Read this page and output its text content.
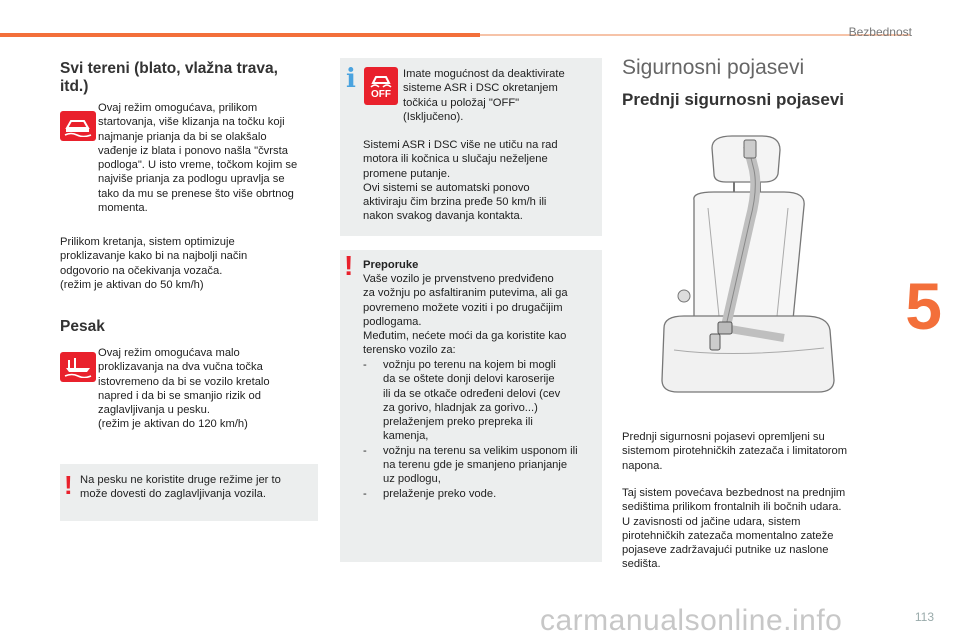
Bezbednost
5
Svi tereni (blato, vlažna trava,
itd.)

Ovaj režim omogućava, prilikom
startovanja, više klizanja na točku koji
najmanje prianja da bi se olakšalo
vađenje iz blata i ponovo našla "čvrsta
podloga". U isto vreme, točkom kojim se
najviše prianja za podlogu upravlja se
tako da mu se prenese što više obrtnog
momenta.

Prilikom kretanja, sistem optimizuje
proklizavanje kako bi na najbolji način
odgovorio na očekivanja vozača.
(režim je aktivan do 50 km/h)

Pesak

Ovaj režim omogućava malo
proklizavanja na dva vučna točka
istovremeno da bi se vozilo kretalo
napred i da bi se smanjio rizik od
zaglavljivanja u pesku.
(režim je aktivan do 120 km/h)

! Na pesku ne koristite druge režime jer to
može dovesti do zaglavljivanja vozila.

i OFF

Imate mogućnost da deaktivirate
sisteme ASR i DSC okretanjem
točkića u položaj "OFF"
(Isključeno).

Sistemi ASR i DSC više ne utiču na rad
motora ili kočnica u slučaju neželjene
promene putanje.
Ovi sistemi se automatski ponovo
aktiviraju čim brzina pređe 50 km/h ili
nakon svakog davanja kontakta.

! Preporuke

Vaše vozilo je prvenstveno predviđeno
za vožnju po asfaltiranim putevima, ali ga
povremeno možete voziti i po drugačijim
podlogama.
Međutim, nećete moći da ga koristite kao
terensko vozilo za:

- vožnju po terenu na kojem bi mogli
da se oštete donji delovi karoserije
ili da se otkače određeni delovi (cev
za gorivo, hladnjak za gorivo...)
prelaženjem preko prepreka ili
kamenja,
- vožnju na terenu sa velikim usponom ili
na terenu gde je smanjeno prianjanje
uz podlogu,
- prelaženje preko vode.
Sigurnosni pojasevi
Prednji sigurnosni pojasevi

Prednji sigurnosni pojasevi opremljeni su
sistemom pirotehničkih zatezača i limitatorom
napona.

Taj sistem povećava bezbednost na prednjim
sedištima prilikom frontalnih ili bočnih udara.
U zavisnosti od jačine udara, sistem
pirotehničkih zatezača momentalno zateže
pojaseve zadržavajući putnike uz naslone
sedišta.

carmanualsonline.info	113
